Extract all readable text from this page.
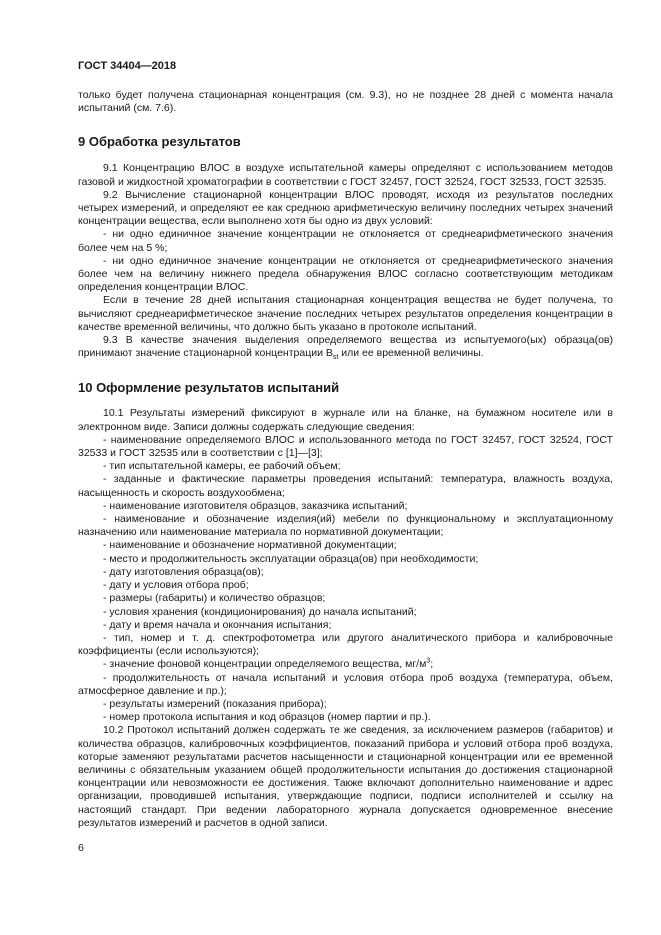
ГОСТ 34404—2018

только будет получена стационарная концентрация (см. 9.3), но не позднее 28 дней с момента начала испытаний (см. 7.6).

9 Обработка результатов

9.1 Концентрацию ВЛОС в воздухе испытательной камеры определяют с использованием методов газовой и жидкостной хроматографии в соответствии с ГОСТ 32457, ГОСТ 32524, ГОСТ 32533, ГОСТ 32535.

9.2 Вычисление стационарной концентрации ВЛОС проводят, исходя из результатов последних четырех измерений, и определяют ее как среднюю арифметическую величину последних четырех значений концентрации вещества, если выполнено хотя бы одно из двух условий:

- ни одно единичное значение концентрации не отклоняется от среднеарифметического значения более чем на 5 %;

- ни одно единичное значение концентрации не отклоняется от среднеарифметического значения более чем на величину нижнего предела обнаружения ВЛОС согласно соответствующим методикам определения концентрации ВЛОС.

Если в течение 28 дней испытания стационарная концентрация вещества не будет получена, то вычисляют среднеарифметическое значение последних четырех результатов определения концентрации в качестве временной величины, что должно быть указано в протоколе испытаний.

9.3 В качестве значения выделения определяемого вещества из испытуемого(ых) образца(ов) принимают значение стационарной концентрации $B_{st}$ или ее временной величины.

10 Оформление результатов испытаний

10.1 Результаты измерений фиксируют в журнале или на бланке, на бумажном носителе или в электронном виде. Записи должны содержать следующие сведения:

- наименование определяемого ВЛОС и использованного метода по ГОСТ 32457, ГОСТ 32524, ГОСТ 32533 и ГОСТ 32535 или в соответствии с [1]—[3];

- тип испытательной камеры, ее рабочий объем;

- заданные и фактические параметры проведения испытаний: температура, влажность воздуха, насыщенность и скорость воздухообмена;

- наименование изготовителя образцов, заказчика испытаний;

- наименование и обозначение изделия(ий) мебели по функциональному и эксплуатационному назначению или наименование материала по нормативной документации;

- наименование и обозначение нормативной документации;

- место и продолжительность эксплуатации образца(ов) при необходимости;

- дату изготовления образца(ов);

- дату и условия отбора проб;

- размеры (габариты) и количество образцов;

- условия хранения (кондиционирования) до начала испытаний;

- дату и время начала и окончания испытания;

- тип, номер и т. д. спектрофотометра или другого аналитического прибора и калибровочные коэффициенты (если используются);

- значение фоновой концентрации определяемого вещества, $мг/м^3$;

- продолжительность от начала испытаний и условия отбора проб воздуха (температура, объем, атмосферное давление и пр.);

- результаты измерений (показания прибора);

- номер протокола испытания и код образцов (номер партии и пр.).

10.2 Протокол испытаний должен содержать те же сведения, за исключением размеров (габаритов) и количества образцов, калибровочных коэффициентов, показаний прибора и условий отбора проб воздуха, которые заменяют результатами расчетов насыщенности и стационарной концентрации или ее временной величины с обязательным указанием общей продолжительности испытания до достижения стационарной концентрации или невозможности ее достижения. Также включают дополнительно наименование и адрес организации, проводившей испытания, утверждающие подписи, подписи исполнителей и ссылку на настоящий стандарт. При ведении лабораторного журнала допускается одновременное внесение результатов измерений и расчетов в одной записи.

6
